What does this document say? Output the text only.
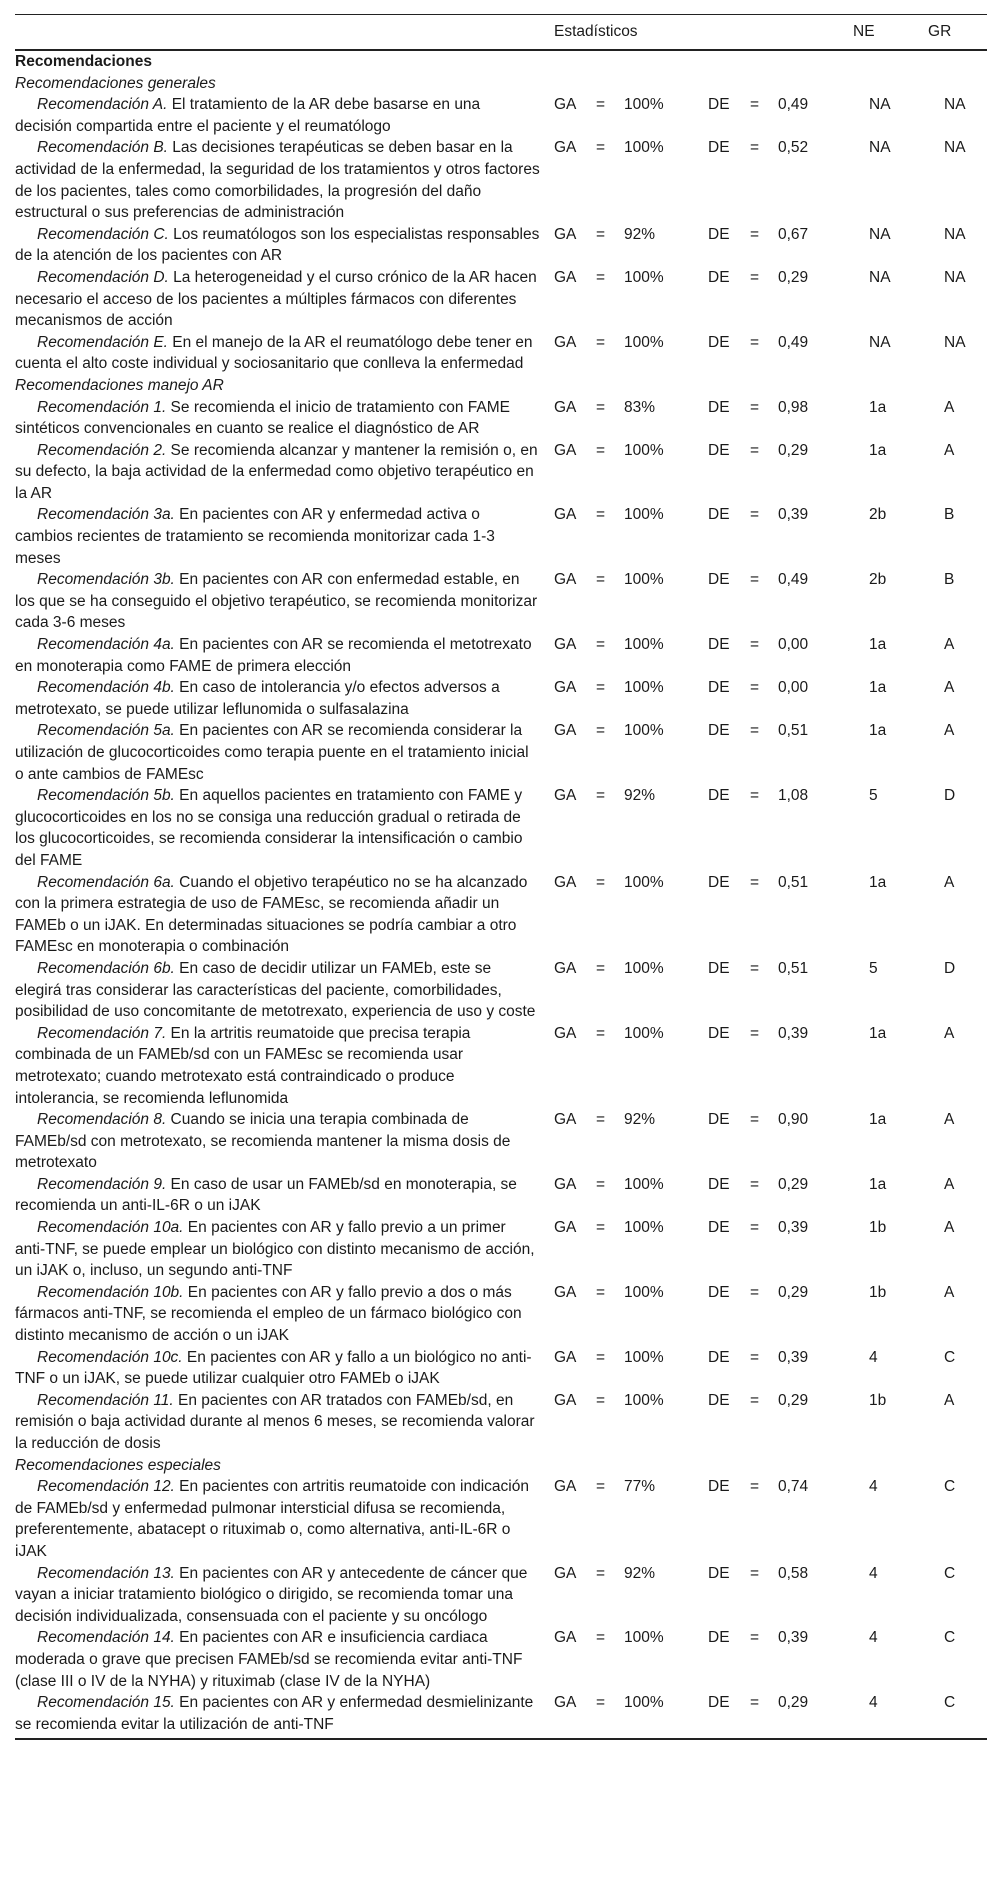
	Estadísticos						NE	GR
Recomendaciones								
Recomendaciones generales								
Recomendación A. El tratamiento de la AR debe basarse en una decisión compartida entre el paciente y el reumatólogo	GA	=	100%	DE	=	0,49	NA	NA
Recomendación B. Las decisiones terapéuticas se deben basar en la actividad de la enfermedad, la seguridad de los tratamientos y otros factores de los pacientes, tales como comorbilidades, la progresión del daño estructural o sus preferencias de administración	GA	=	100%	DE	=	0,52	NA	NA
Recomendación C. Los reumatólogos son los especialistas responsables de la atención de los pacientes con AR	GA	=	92%	DE	=	0,67	NA	NA
Recomendación D. La heterogeneidad y el curso crónico de la AR hacen necesario el acceso de los pacientes a múltiples fármacos con diferentes mecanismos de acción	GA	=	100%	DE	=	0,29	NA	NA
Recomendación E. En el manejo de la AR el reumatólogo debe tener en cuenta el alto coste individual y sociosanitario que conlleva la enfermedad	GA	=	100%	DE	=	0,49	NA	NA
Recomendaciones manejo AR								
Recomendación 1. Se recomienda el inicio de tratamiento con FAME sintéticos convencionales en cuanto se realice el diagnóstico de AR	GA	=	83%	DE	=	0,98	1a	A
Recomendación 2. Se recomienda alcanzar y mantener la remisión o, en su defecto, la baja actividad de la enfermedad como objetivo terapéutico en la AR	GA	=	100%	DE	=	0,29	1a	A
Recomendación 3a. En pacientes con AR y enfermedad activa o cambios recientes de tratamiento se recomienda monitorizar cada 1-3 meses	GA	=	100%	DE	=	0,39	2b	B
Recomendación 3b. En pacientes con AR con enfermedad estable, en los que se ha conseguido el objetivo terapéutico, se recomienda monitorizar cada 3-6 meses	GA	=	100%	DE	=	0,49	2b	B
Recomendación 4a. En pacientes con AR se recomienda el metotrexato en monoterapia como FAME de primera elección	GA	=	100%	DE	=	0,00	1a	A
Recomendación 4b. En caso de intolerancia y/o efectos adversos a metrotexato, se puede utilizar leflunomida o sulfasalazina	GA	=	100%	DE	=	0,00	1a	A
Recomendación 5a. En pacientes con AR se recomienda considerar la utilización de glucocorticoides como terapia puente en el tratamiento inicial o ante cambios de FAMEsc	GA	=	100%	DE	=	0,51	1a	A
Recomendación 5b. En aquellos pacientes en tratamiento con FAME y glucocorticoides en los no se consiga una reducción gradual o retirada de los glucocorticoides, se recomienda considerar la intensificación o cambio del FAME	GA	=	92%	DE	=	1,08	5	D
Recomendación 6a. Cuando el objetivo terapéutico no se ha alcanzado con la primera estrategia de uso de FAMEsc, se recomienda añadir un FAMEb o un iJAK. En determinadas situaciones se podría cambiar a otro FAMEsc en monoterapia o combinación	GA	=	100%	DE	=	0,51	1a	A
Recomendación 6b. En caso de decidir utilizar un FAMEb, este se elegirá tras considerar las características del paciente, comorbilidades, posibilidad de uso concomitante de metotrexato, experiencia de uso y coste	GA	=	100%	DE	=	0,51	5	D
Recomendación 7. En la artritis reumatoide que precisa terapia combinada de un FAMEb/sd con un FAMEsc se recomienda usar metrotexato; cuando metrotexato está contraindicado o produce intolerancia, se recomienda leflunomida	GA	=	100%	DE	=	0,39	1a	A
Recomendación 8. Cuando se inicia una terapia combinada de FAMEb/sd con metrotexato, se recomienda mantener la misma dosis de metrotexato	GA	=	92%	DE	=	0,90	1a	A
Recomendación 9. En caso de usar un FAMEb/sd en monoterapia, se recomienda un anti-IL-6R o un iJAK	GA	=	100%	DE	=	0,29	1a	A
Recomendación 10a. En pacientes con AR y fallo previo a un primer anti-TNF, se puede emplear un biológico con distinto mecanismo de acción, un iJAK o, incluso, un segundo anti-TNF	GA	=	100%	DE	=	0,39	1b	A
Recomendación 10b. En pacientes con AR y fallo previo a dos o más fármacos anti-TNF, se recomienda el empleo de un fármaco biológico con distinto mecanismo de acción o un iJAK	GA	=	100%	DE	=	0,29	1b	A
Recomendación 10c. En pacientes con AR y fallo a un biológico no anti-TNF o un iJAK, se puede utilizar cualquier otro FAMEb o iJAK	GA	=	100%	DE	=	0,39	4	C
Recomendación 11. En pacientes con AR tratados con FAMEb/sd, en remisión o baja actividad durante al menos 6 meses, se recomienda valorar la reducción de dosis	GA	=	100%	DE	=	0,29	1b	A
Recomendaciones especiales								
Recomendación 12. En pacientes con artritis reumatoide con indicación de FAMEb/sd y enfermedad pulmonar intersticial difusa se recomienda, preferentemente, abatacept o rituximab o, como alternativa, anti-IL-6R o iJAK	GA	=	77%	DE	=	0,74	4	C
Recomendación 13. En pacientes con AR y antecedente de cáncer que vayan a iniciar tratamiento biológico o dirigido, se recomienda tomar una decisión individualizada, consensuada con el paciente y su oncólogo	GA	=	92%	DE	=	0,58	4	C
Recomendación 14. En pacientes con AR e insuficiencia cardiaca moderada o grave que precisen FAMEb/sd se recomienda evitar anti-TNF (clase III o IV de la NYHA) y rituximab (clase IV de la NYHA)	GA	=	100%	DE	=	0,39	4	C
Recomendación 15. En pacientes con AR y enfermedad desmielinizante se recomienda evitar la utilización de anti-TNF	GA	=	100%	DE	=	0,29	4	C
